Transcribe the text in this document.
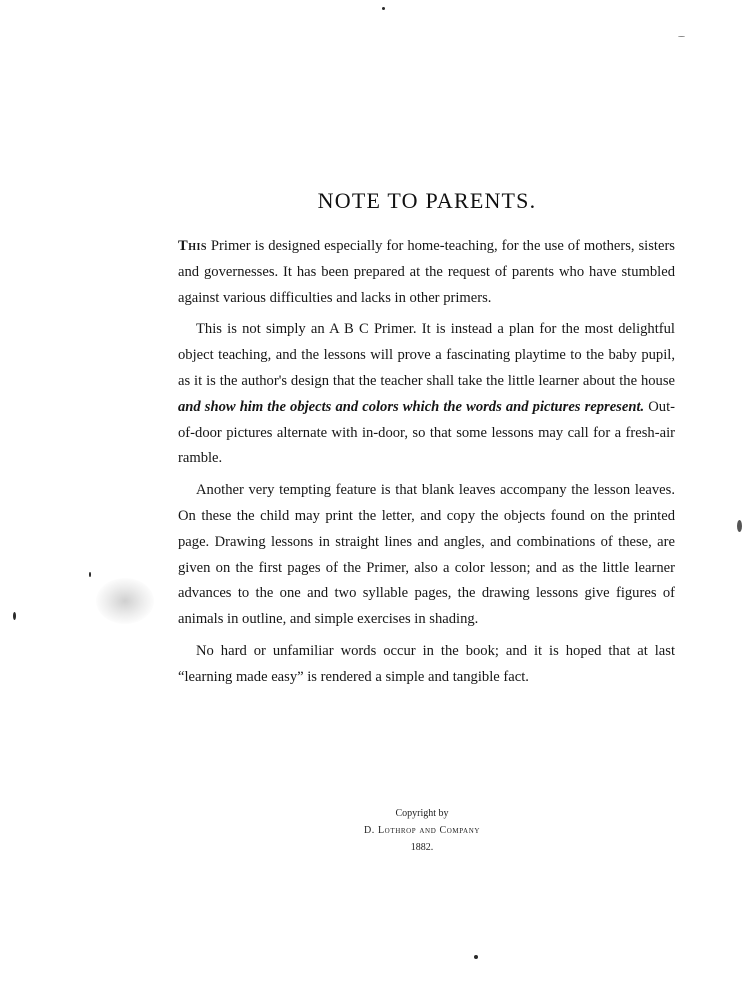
NOTE TO PARENTS.

This Primer is designed especially for home-teaching, for the use of mothers, sisters and governesses. It has been prepared at the request of parents who have stumbled against various difficulties and lacks in other primers.

This is not simply an A B C Primer. It is instead a plan for the most delightful object teaching, and the lessons will prove a fascinating playtime to the baby pupil, as it is the author's design that the teacher shall take the little learner about the house and show him the objects and colors which the words and pictures represent. Out-of-door pictures alternate with in-door, so that some lessons may call for a fresh-air ramble.

Another very tempting feature is that blank leaves accompany the lesson leaves. On these the child may print the letter, and copy the objects found on the printed page. Drawing lessons in straight lines and angles, and combinations of these, are given on the first pages of the Primer, also a color lesson; and as the little learner advances to the one and two syllable pages, the drawing lessons give figures of animals in outline, and simple exercises in shading.

No hard or unfamiliar words occur in the book; and it is hoped that at last “learning made easy” is rendered a simple and tangible fact.

Copyright by
D. Lothrop and Company
1882.
